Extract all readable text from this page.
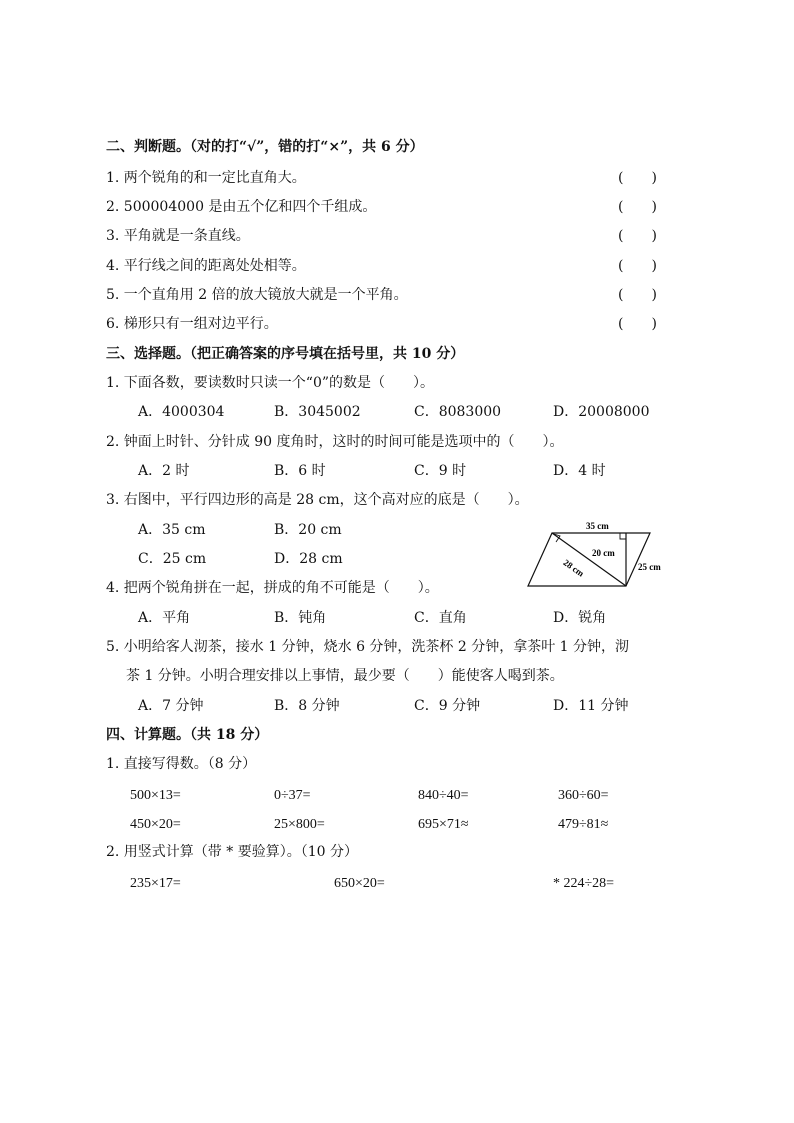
二、判断题。（对的打“√”，错的打“×”，共 6 分）
1. 两个锐角的和一定比直角大。	(　　)
2. 500004000 是由五个亿和四个千组成。	(　　)
3. 平角就是一条直线。	(　　)
4. 平行线之间的距离处处相等。	(　　)
5. 一个直角用 2 倍的放大镜放大就是一个平角。	(　　)
6. 梯形只有一组对边平行。	(　　)
三、选择题。（把正确答案的序号填在括号里，共 10 分）
1. 下面各数，要读数时只读一个“0”的数是（　　）。
A．4000304	B．3045002	C．8083000	D．20008000
2. 钟面上时针、分针成 90 度角时，这时的时间可能是选项中的（　　）。
A．2 时	B．6 时	C．9 时	D．4 时
3. 右图中，平行四边形的高是 28 cm，这个高对应的底是（　　）。
A．35 cm	B．20 cm
C．25 cm	D．28 cm
35 cm
20 cm
28 cm	25 cm
4. 把两个锐角拼在一起，拼成的角不可能是（　　）。
A．平角	B．钝角	C．直角	D．锐角
5. 小明给客人沏茶，接水 1 分钟，烧水 6 分钟，洗茶杯 2 分钟，拿茶叶 1 分钟，沏
茶 1 分钟。小明合理安排以上事情，最少要（　　）能使客人喝到茶。
A．7 分钟	B．8 分钟	C．9 分钟	D．11 分钟
四、计算题。（共 18 分）
1. 直接写得数。（8 分）
500×13=	0÷37=	840÷40=	360÷60=
450×20=	25×800=	695×71≈	479÷81≈
2. 用竖式计算（带 * 要验算）。（10 分）
235×17=	650×20=	* 224÷28=
